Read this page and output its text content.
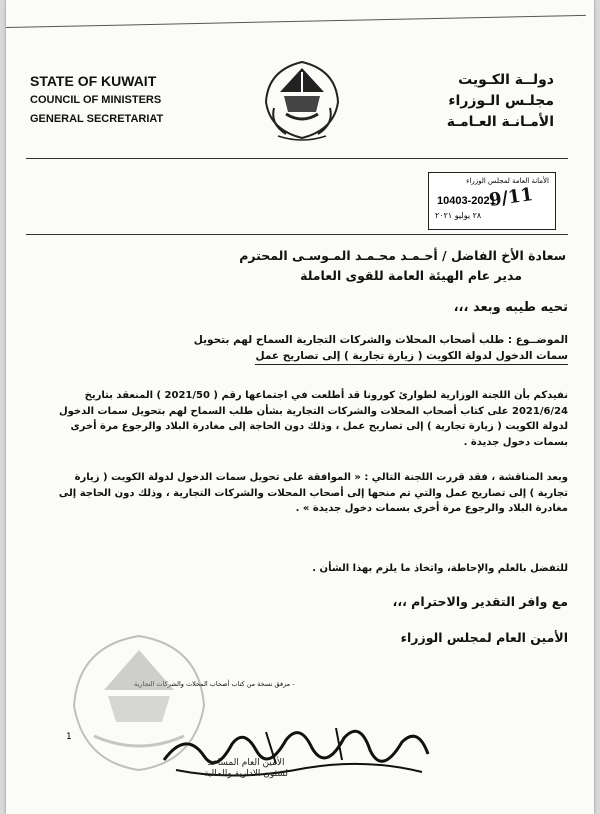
STATE OF KUWAIT
COUNCIL OF MINISTERS
GENERAL SECRETARIAT
دولــة الكـويت
مجلـس الـوزراء
الأمـانـة العـامـة
الأمانة العامة لمجلس الوزراء
10403-2021
٢٨ يوليو ٢٠٢١
9/11
سعادة الأخ الفاضل / أحـمـد محـمـد المـوسـى المحترم
مدير عام الهيئة العامة للقوى العاملة
تحيه طيبه وبعد ،،،
الموضــوع : طلب أصحاب المحلات والشركات التجارية السماح لهم بتحويل
سمات الدخول لدولة الكويت ( زيارة تجارية ) إلى تصاريح عمل
نفيدكم بأن اللجنة الوزارية لطوارئ كورونا قد أطلعت في اجتماعها رقم ( 2021/50 ) المنعقد بتاريخ 2021/6/24 على كتاب أصحاب المحلات والشركات التجارية بشأن طلب السماح لهم بتحويل سمات الدخول لدولة الكويت ( زيارة تجارية ) إلى تصاريح عمل ، وذلك دون الحاجة إلى مغادرة البلاد والرجوع مرة أخرى بسمات دخول جديدة .
وبعد المناقشة ، فقد قررت اللجنة التالي : « الموافقة على تحويل سمات الدخول لدولة الكويت ( زيارة تجارية ) إلى تصاريح عمل والتي تم منحها إلى أصحاب المحلات والشركات التجارية ، وذلك دون الحاجة إلى مغادرة البلاد والرجوع مرة أخرى بسمات دخول جديدة » .
للتفضل بالعلم والإحاطة، واتخاذ ما يلزم بهذا الشأن .
مع وافر التقدير والاحترام ،،،
الأمين العام لمجلس الوزراء
- مرفق نسخة من كتاب أصحاب المحلات والشركات التجارية
الأمين العام المساعد
لشئون الادارية والمالية
1
